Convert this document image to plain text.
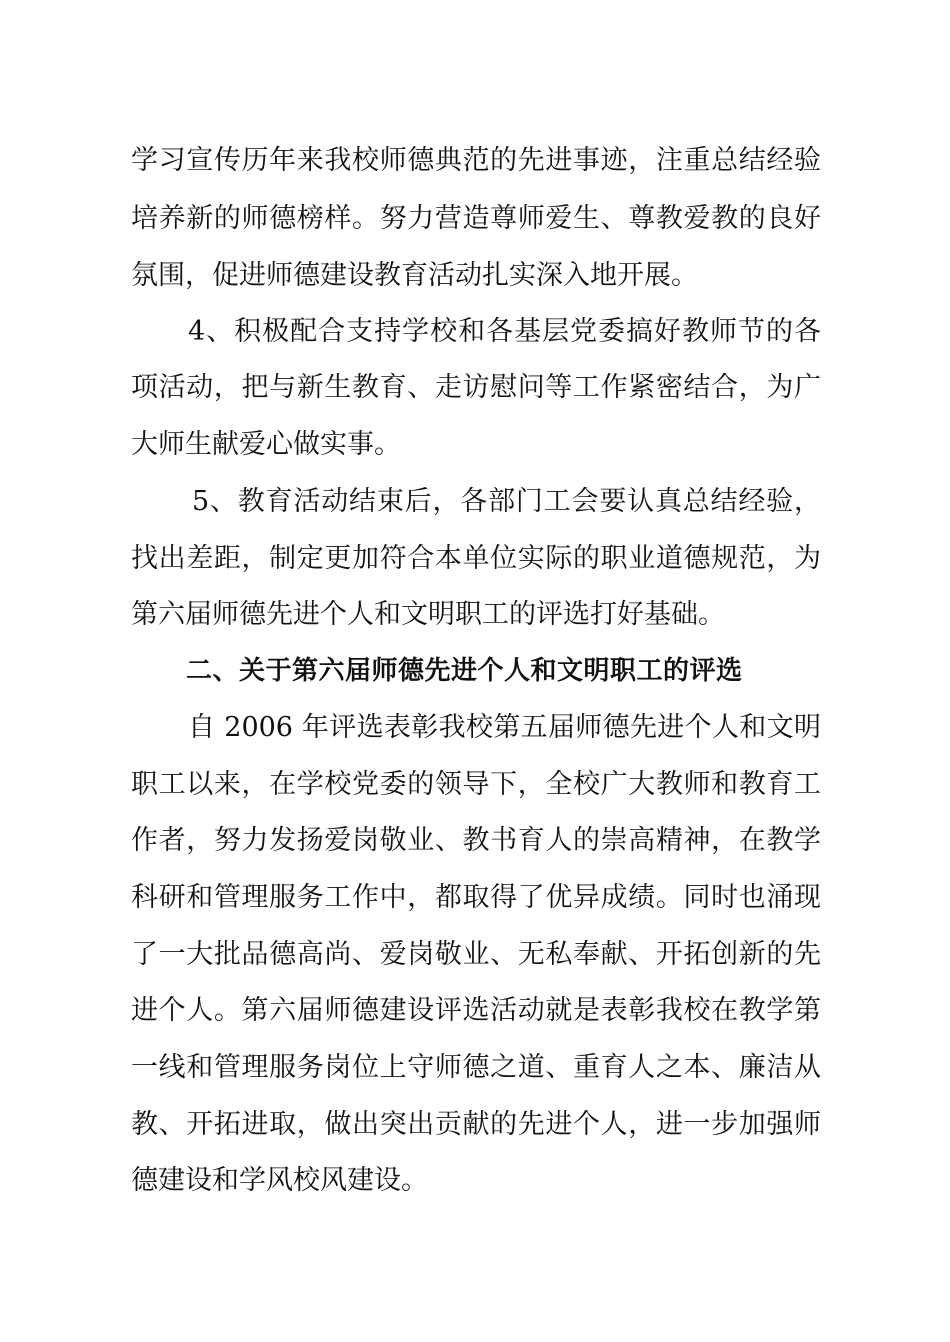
学习宣传历年来我校师德典范的先进事迹，注重总结经验
培养新的师德榜样。努力营造尊师爱生、尊教爱教的良好
氛围，促进师德建设教育活动扎实深入地开展。
4、积极配合支持学校和各基层党委搞好教师节的各
项活动，把与新生教育、走访慰问等工作紧密结合，为广
大师生献爱心做实事。
5、教育活动结束后，各部门工会要认真总结经验，
找出差距，制定更加符合本单位实际的职业道德规范，为
第六届师德先进个人和文明职工的评选打好基础。
二、关于第六届师德先进个人和文明职工的评选
自 2006 年评选表彰我校第五届师德先进个人和文明
职工以来，在学校党委的领导下，全校广大教师和教育工
作者，努力发扬爱岗敬业、教书育人的崇高精神，在教学
科研和管理服务工作中，都取得了优异成绩。同时也涌现
了一大批品德高尚、爱岗敬业、无私奉献、开拓创新的先
进个人。第六届师德建设评选活动就是表彰我校在教学第
一线和管理服务岗位上守师德之道、重育人之本、廉洁从
教、开拓进取，做出突出贡献的先进个人，进一步加强师
德建设和学风校风建设。
